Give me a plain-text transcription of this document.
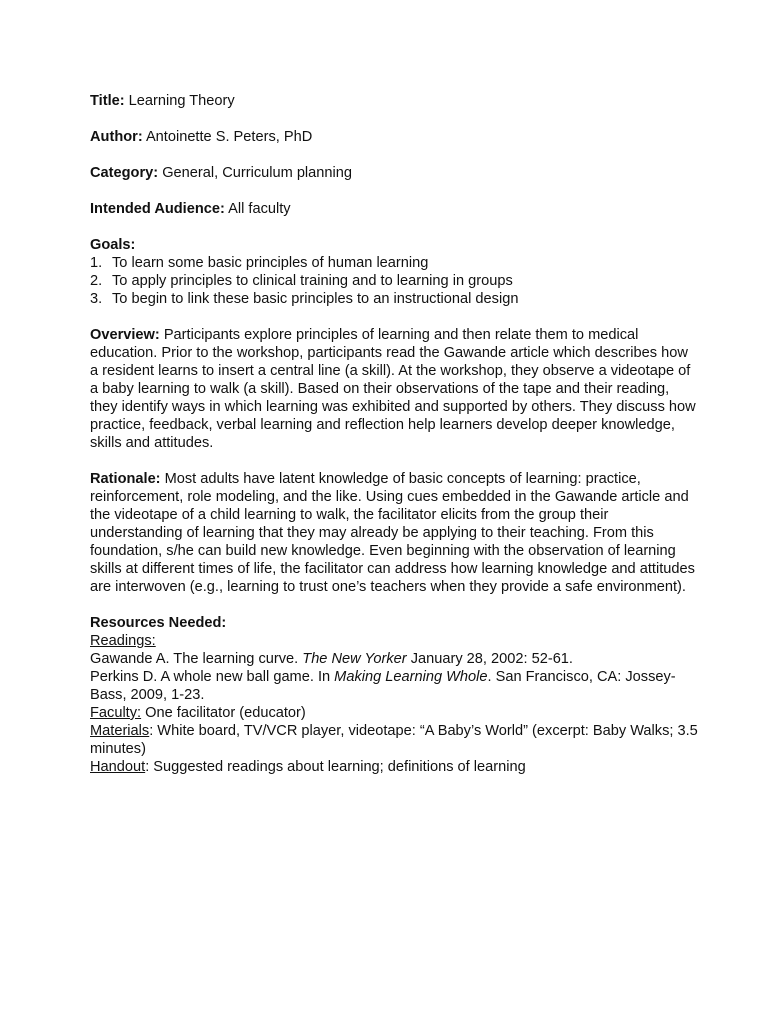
Title: Learning Theory

Author: Antoinette S. Peters, PhD

Category: General, Curriculum planning

Intended Audience: All faculty

Goals:

1. To learn some basic principles of human learning
2. To apply principles to clinical training and to learning in groups
3. To begin to link these basic principles to an instructional design

Overview: Participants explore principles of learning and then relate them to medical education. Prior to the workshop, participants read the Gawande article which describes how a resident learns to insert a central line (a skill). At the workshop, they observe a videotape of a baby learning to walk (a skill). Based on their observations of the tape and their reading, they identify ways in which learning was exhibited and supported by others. They discuss how practice, feedback, verbal learning and reflection help learners develop deeper knowledge, skills and attitudes.

Rationale: Most adults have latent knowledge of basic concepts of learning: practice, reinforcement, role modeling, and the like. Using cues embedded in the Gawande article and the videotape of a child learning to walk, the facilitator elicits from the group their understanding of learning that they may already be applying to their teaching. From this foundation, s/he can build new knowledge. Even beginning with the observation of learning skills at different times of life, the facilitator can address how learning knowledge and attitudes are interwoven (e.g., learning to trust one’s teachers when they provide a safe environment).

Resources Needed:

Readings:

Gawande A. The learning curve. The New Yorker January 28, 2002: 52-61.

Perkins D. A whole new ball game. In Making Learning Whole. San Francisco, CA: Jossey-Bass, 2009, 1-23.

Faculty: One facilitator (educator)

Materials: White board, TV/VCR player, videotape: “A Baby’s World” (excerpt: Baby Walks; 3.5 minutes)

Handout: Suggested readings about learning; definitions of learning
